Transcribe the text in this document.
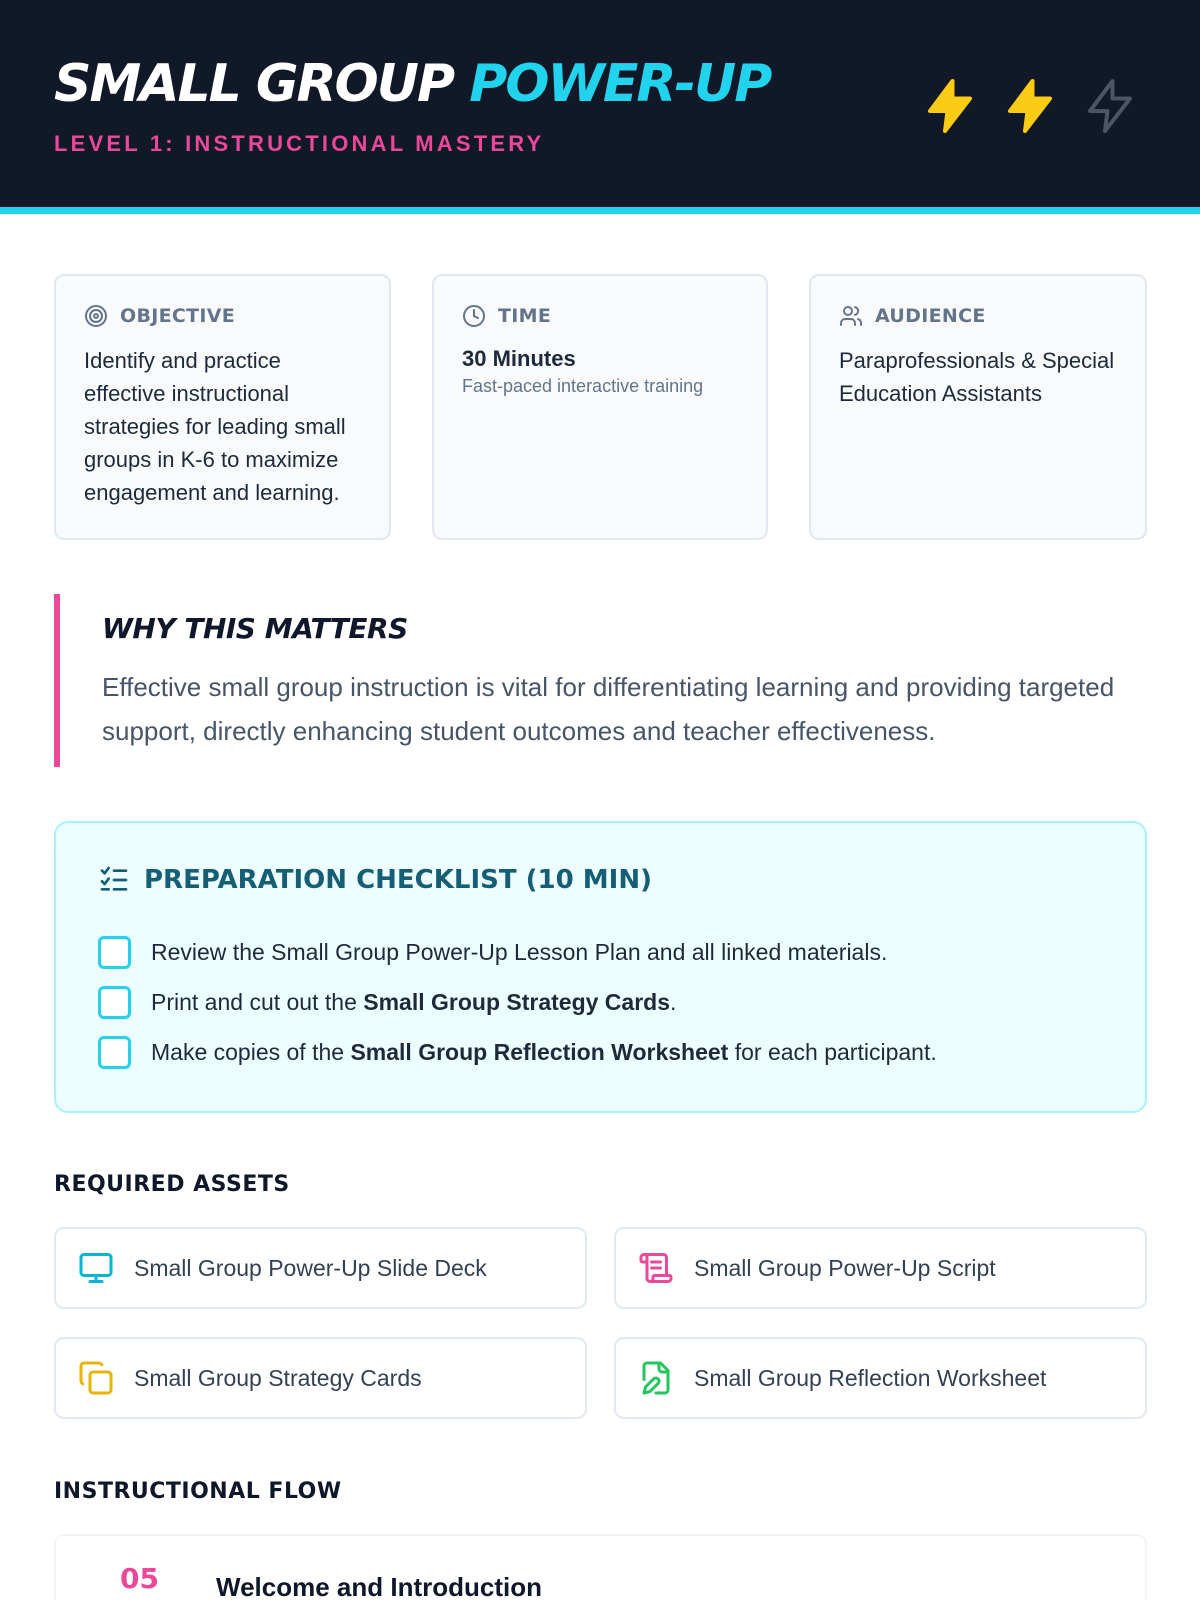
SMALL GROUP POWER-UP
LEVEL 1: INSTRUCTIONAL MASTERY
OBJECTIVE
Identify and practice effective instructional strategies for leading small groups in K-6 to maximize engagement and learning.
TIME
30 Minutes
Fast-paced interactive training
AUDIENCE
Paraprofessionals & Special Education Assistants
WHY THIS MATTERS
Effective small group instruction is vital for differentiating learning and providing targeted support, directly enhancing student outcomes and teacher effectiveness.
PREPARATION CHECKLIST (10 MIN)
Review the Small Group Power-Up Lesson Plan and all linked materials.
Print and cut out the Small Group Strategy Cards.
Make copies of the Small Group Reflection Worksheet for each participant.
REQUIRED ASSETS
Small Group Power-Up Slide Deck	Small Group Power-Up Script
Small Group Strategy Cards	Small Group Reflection Worksheet
INSTRUCTIONAL FLOW
05 Welcome and Introduction
